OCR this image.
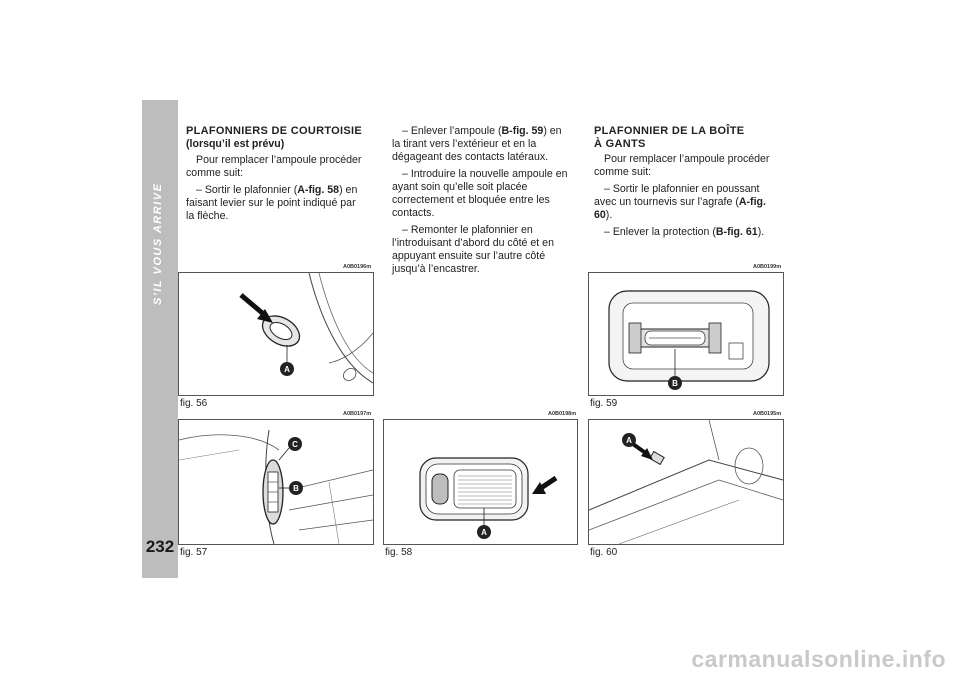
S’IL VOUS ARRIVE
232
PLAFONNIERS DE COURTOISIE
(lorsqu’il est prévu)

Pour remplacer l’ampoule procéder comme suit:

– Sortir le plafonnier (A-fig. 58) en faisant levier sur le point indiqué par la flèche.

– Enlever l’ampoule (B-fig. 59) en la tirant vers l’extérieur et en la dégageant des contacts latéraux.

– Introduire la nouvelle ampoule en ayant soin qu’elle soit placée correctement et bloquée entre les contacts.

– Remonter le plafonnier en l’introduisant d’abord du côté et en appuyant ensuite sur l’autre côté jusqu’à l’encastrer.

PLAFONNIER DE LA BOÎTE
À GANTS

Pour remplacer l’ampoule procéder comme suit:

– Sortir le plafonnier en poussant avec un tournevis sur l’agrafe (A-fig. 60).

– Enlever la protection (B-fig. 61).

A0B0196m
A
fig. 56
A0B0197m
C
B
fig. 57
A0B0198m
A
fig. 58
A0B0199m
B
fig. 59
A0B0195m
A
fig. 60
carmanualsonline.info
